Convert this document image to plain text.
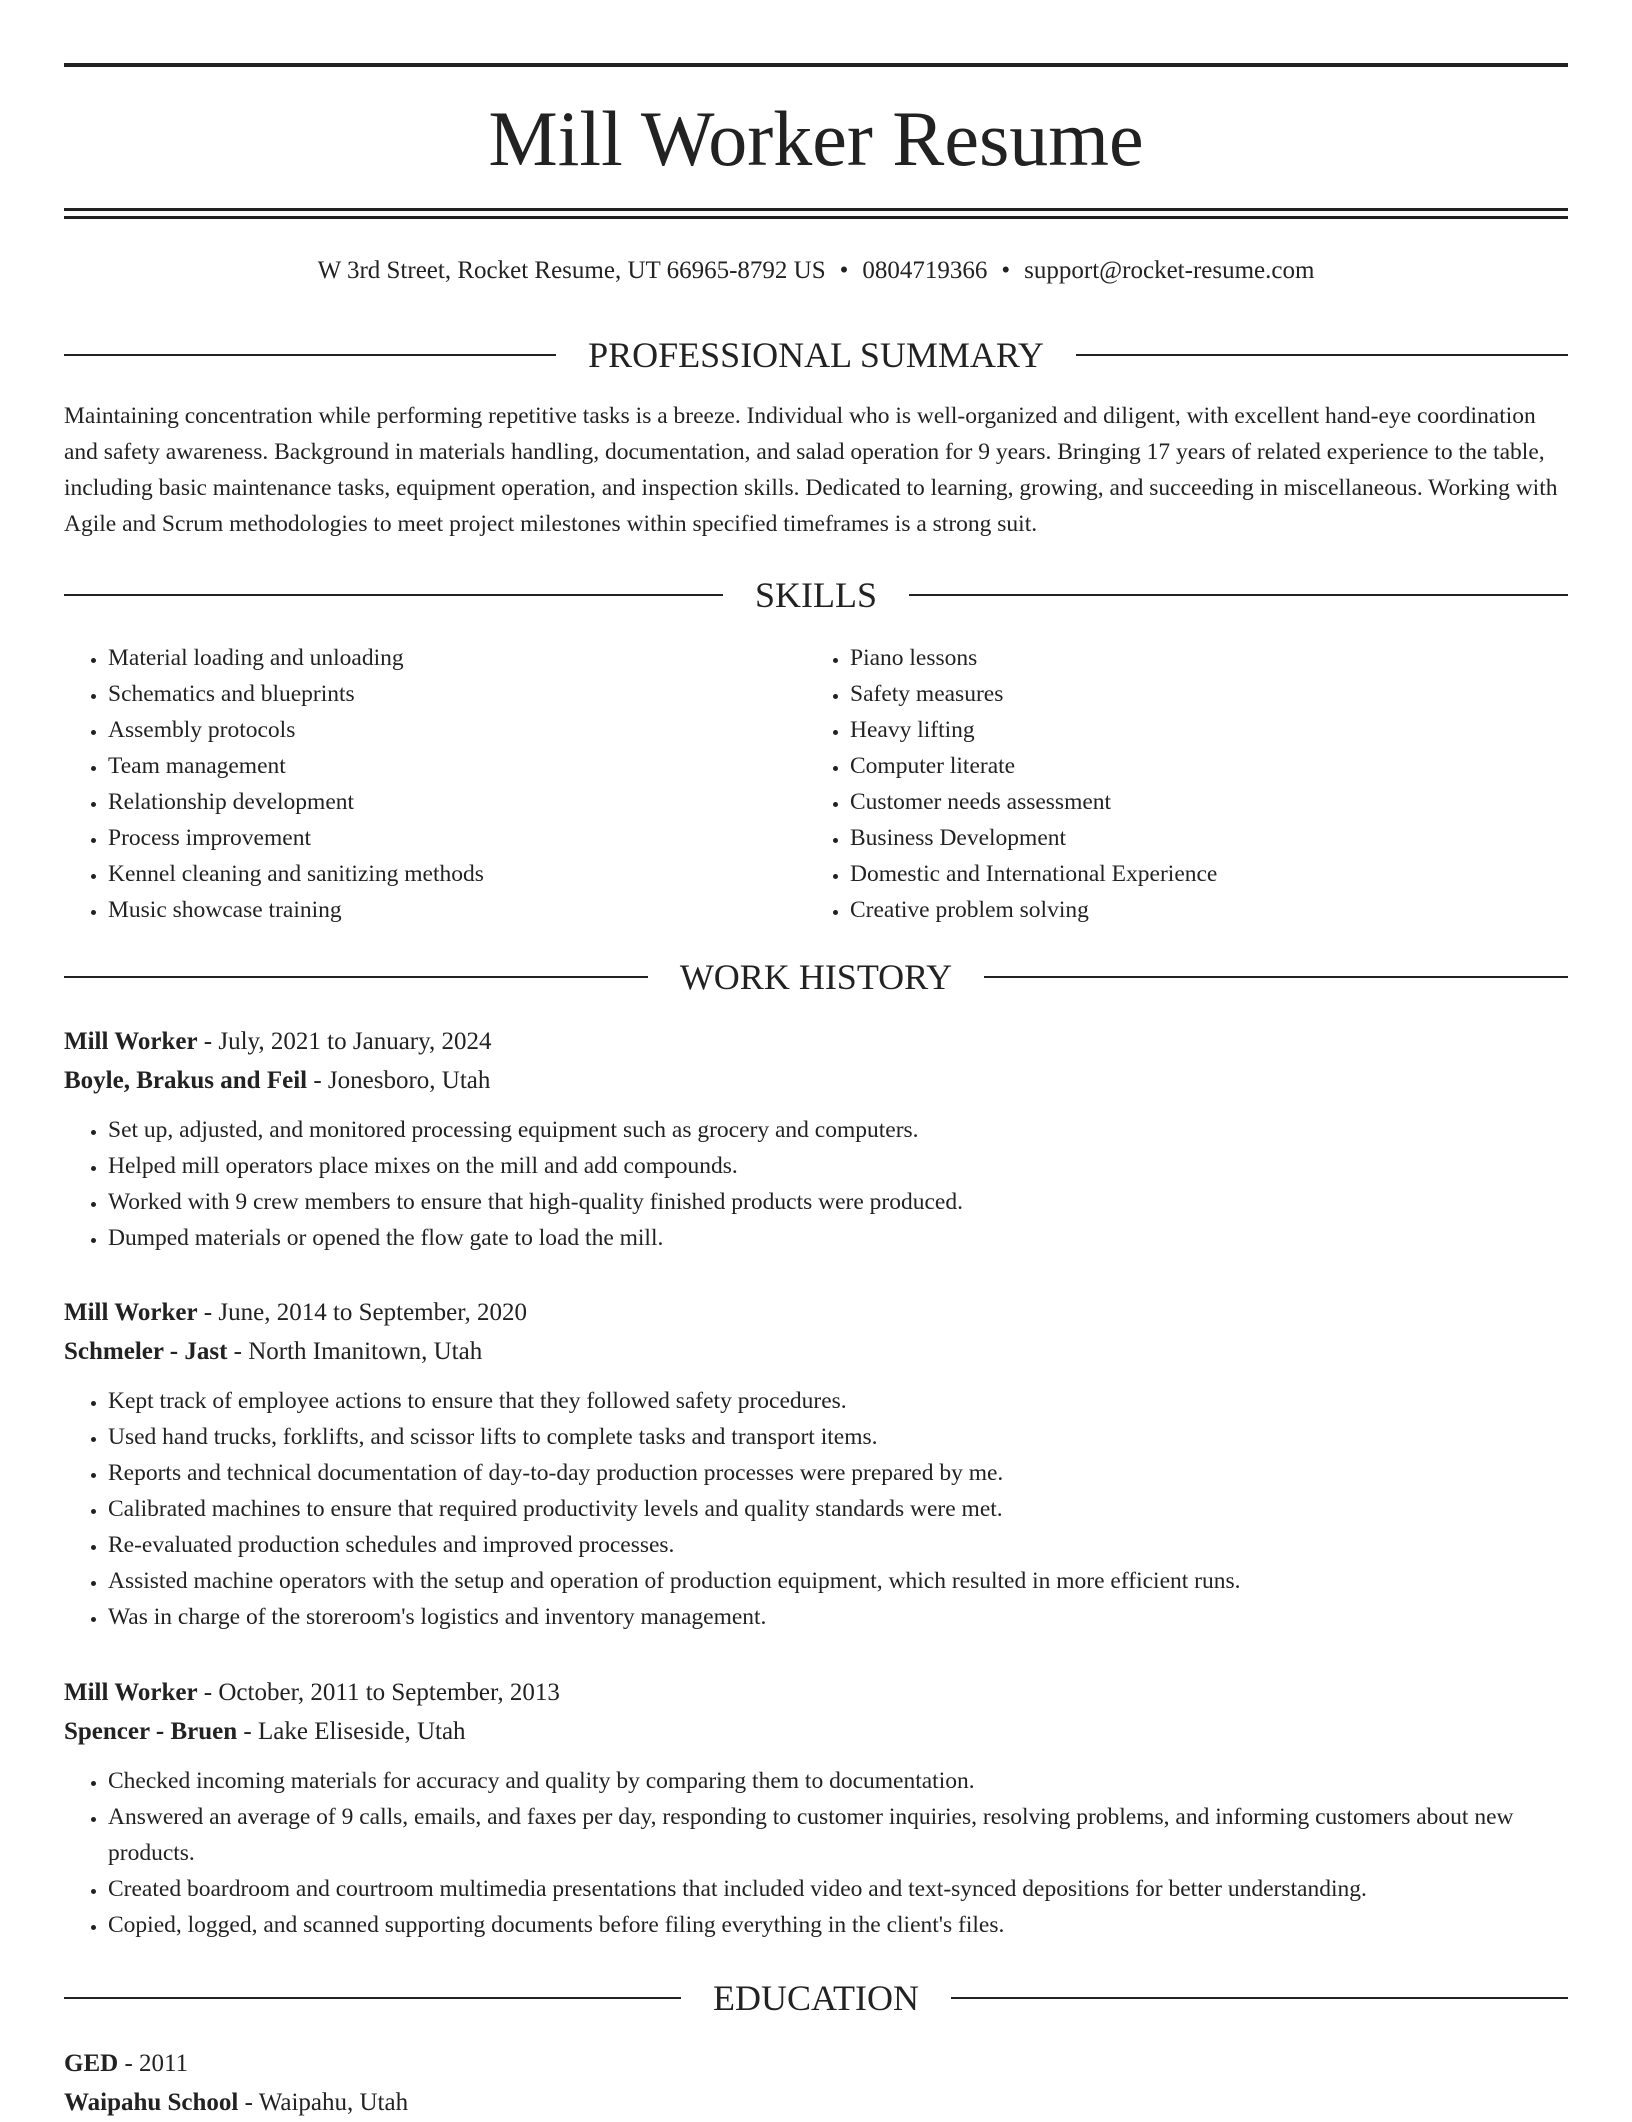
Mill Worker Resume
W 3rd Street, Rocket Resume, UT 66965-8792 US • 0804719366 • support@rocket-resume.com
PROFESSIONAL SUMMARY

Maintaining concentration while performing repetitive tasks is a breeze. Individual who is well-organized and diligent, with excellent hand-eye coordination and safety awareness. Background in materials handling, documentation, and salad operation for 9 years. Bringing 17 years of related experience to the table, including basic maintenance tasks, equipment operation, and inspection skills. Dedicated to learning, growing, and succeeding in miscellaneous. Working with Agile and Scrum methodologies to meet project milestones within specified timeframes is a strong suit.

SKILLS
• Material loading and unloading
• Schematics and blueprints
• Assembly protocols
• Team management
• Relationship development
• Process improvement
• Kennel cleaning and sanitizing methods
• Music showcase training
• Piano lessons
• Safety measures
• Heavy lifting
• Computer literate
• Customer needs assessment
• Business Development
• Domestic and International Experience
• Creative problem solving
WORK HISTORY
Mill Worker - July, 2021 to January, 2024
Boyle, Brakus and Feil - Jonesboro, Utah
• Set up, adjusted, and monitored processing equipment such as grocery and computers.
• Helped mill operators place mixes on the mill and add compounds.
• Worked with 9 crew members to ensure that high-quality finished products were produced.
• Dumped materials or opened the flow gate to load the mill.
Mill Worker - June, 2014 to September, 2020
Schmeler - Jast - North Imanitown, Utah
• Kept track of employee actions to ensure that they followed safety procedures.
• Used hand trucks, forklifts, and scissor lifts to complete tasks and transport items.
• Reports and technical documentation of day-to-day production processes were prepared by me.
• Calibrated machines to ensure that required productivity levels and quality standards were met.
• Re-evaluated production schedules and improved processes.
• Assisted machine operators with the setup and operation of production equipment, which resulted in more efficient runs.
• Was in charge of the storeroom's logistics and inventory management.
Mill Worker - October, 2011 to September, 2013
Spencer - Bruen - Lake Eliseside, Utah
• Checked incoming materials for accuracy and quality by comparing them to documentation.
• Answered an average of 9 calls, emails, and faxes per day, responding to customer inquiries, resolving problems, and informing customers about new products.
• Created boardroom and courtroom multimedia presentations that included video and text-synced depositions for better understanding.
• Copied, logged, and scanned supporting documents before filing everything in the client's files.
EDUCATION
GED - 2011
Waipahu School - Waipahu, Utah
